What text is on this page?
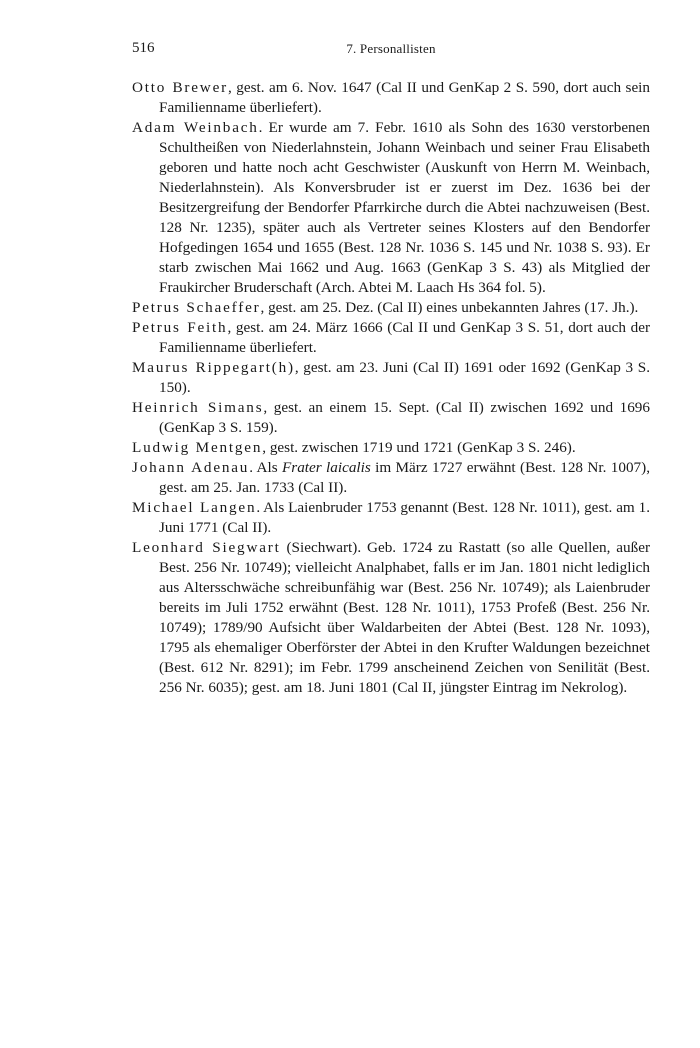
516	7. Personallisten

Otto Brewer, gest. am 6. Nov. 1647 (Cal II und GenKap 2 S. 590, dort auch sein Familienname überliefert).

Adam Weinbach. Er wurde am 7. Febr. 1610 als Sohn des 1630 verstorbenen Schultheißen von Niederlahnstein, Johann Weinbach und seiner Frau Elisabeth geboren und hatte noch acht Geschwister (Auskunft von Herrn M. Weinbach, Niederlahnstein). Als Konversbruder ist er zuerst im Dez. 1636 bei der Besitzergreifung der Bendorfer Pfarrkirche durch die Abtei nachzuweisen (Best. 128 Nr. 1235), später auch als Vertreter seines Klosters auf den Bendorfer Hofgedingen 1654 und 1655 (Best. 128 Nr. 1036 S. 145 und Nr. 1038 S. 93). Er starb zwischen Mai 1662 und Aug. 1663 (GenKap 3 S. 43) als Mitglied der Fraukircher Bruderschaft (Arch. Abtei M. Laach Hs 364 fol. 5).

Petrus Schaeffer, gest. am 25. Dez. (Cal II) eines unbekannten Jahres (17. Jh.).

Petrus Feith, gest. am 24. März 1666 (Cal II und GenKap 3 S. 51, dort auch der Familienname überliefert.

Maurus Rippegart(h), gest. am 23. Juni (Cal II) 1691 oder 1692 (GenKap 3 S. 150).

Heinrich Simans, gest. an einem 15. Sept. (Cal II) zwischen 1692 und 1696 (GenKap 3 S. 159).

Ludwig Mentgen, gest. zwischen 1719 und 1721 (GenKap 3 S. 246).

Johann Adenau. Als Frater laicalis im März 1727 erwähnt (Best. 128 Nr. 1007), gest. am 25. Jan. 1733 (Cal II).

Michael Langen. Als Laienbruder 1753 genannt (Best. 128 Nr. 1011), gest. am 1. Juni 1771 (Cal II).

Leonhard Siegwart (Siechwart). Geb. 1724 zu Rastatt (so alle Quellen, außer Best. 256 Nr. 10749); vielleicht Analphabet, falls er im Jan. 1801 nicht lediglich aus Altersschwäche schreibunfähig war (Best. 256 Nr. 10749); als Laienbruder bereits im Juli 1752 erwähnt (Best. 128 Nr. 1011), 1753 Profeß (Best. 256 Nr. 10749); 1789/90 Aufsicht über Waldarbeiten der Abtei (Best. 128 Nr. 1093), 1795 als ehemaliger Oberförster der Abtei in den Krufter Waldungen bezeichnet (Best. 612 Nr. 8291); im Febr. 1799 anscheinend Zeichen von Senilität (Best. 256 Nr. 6035); gest. am 18. Juni 1801 (Cal II, jüngster Eintrag im Nekrolog).
